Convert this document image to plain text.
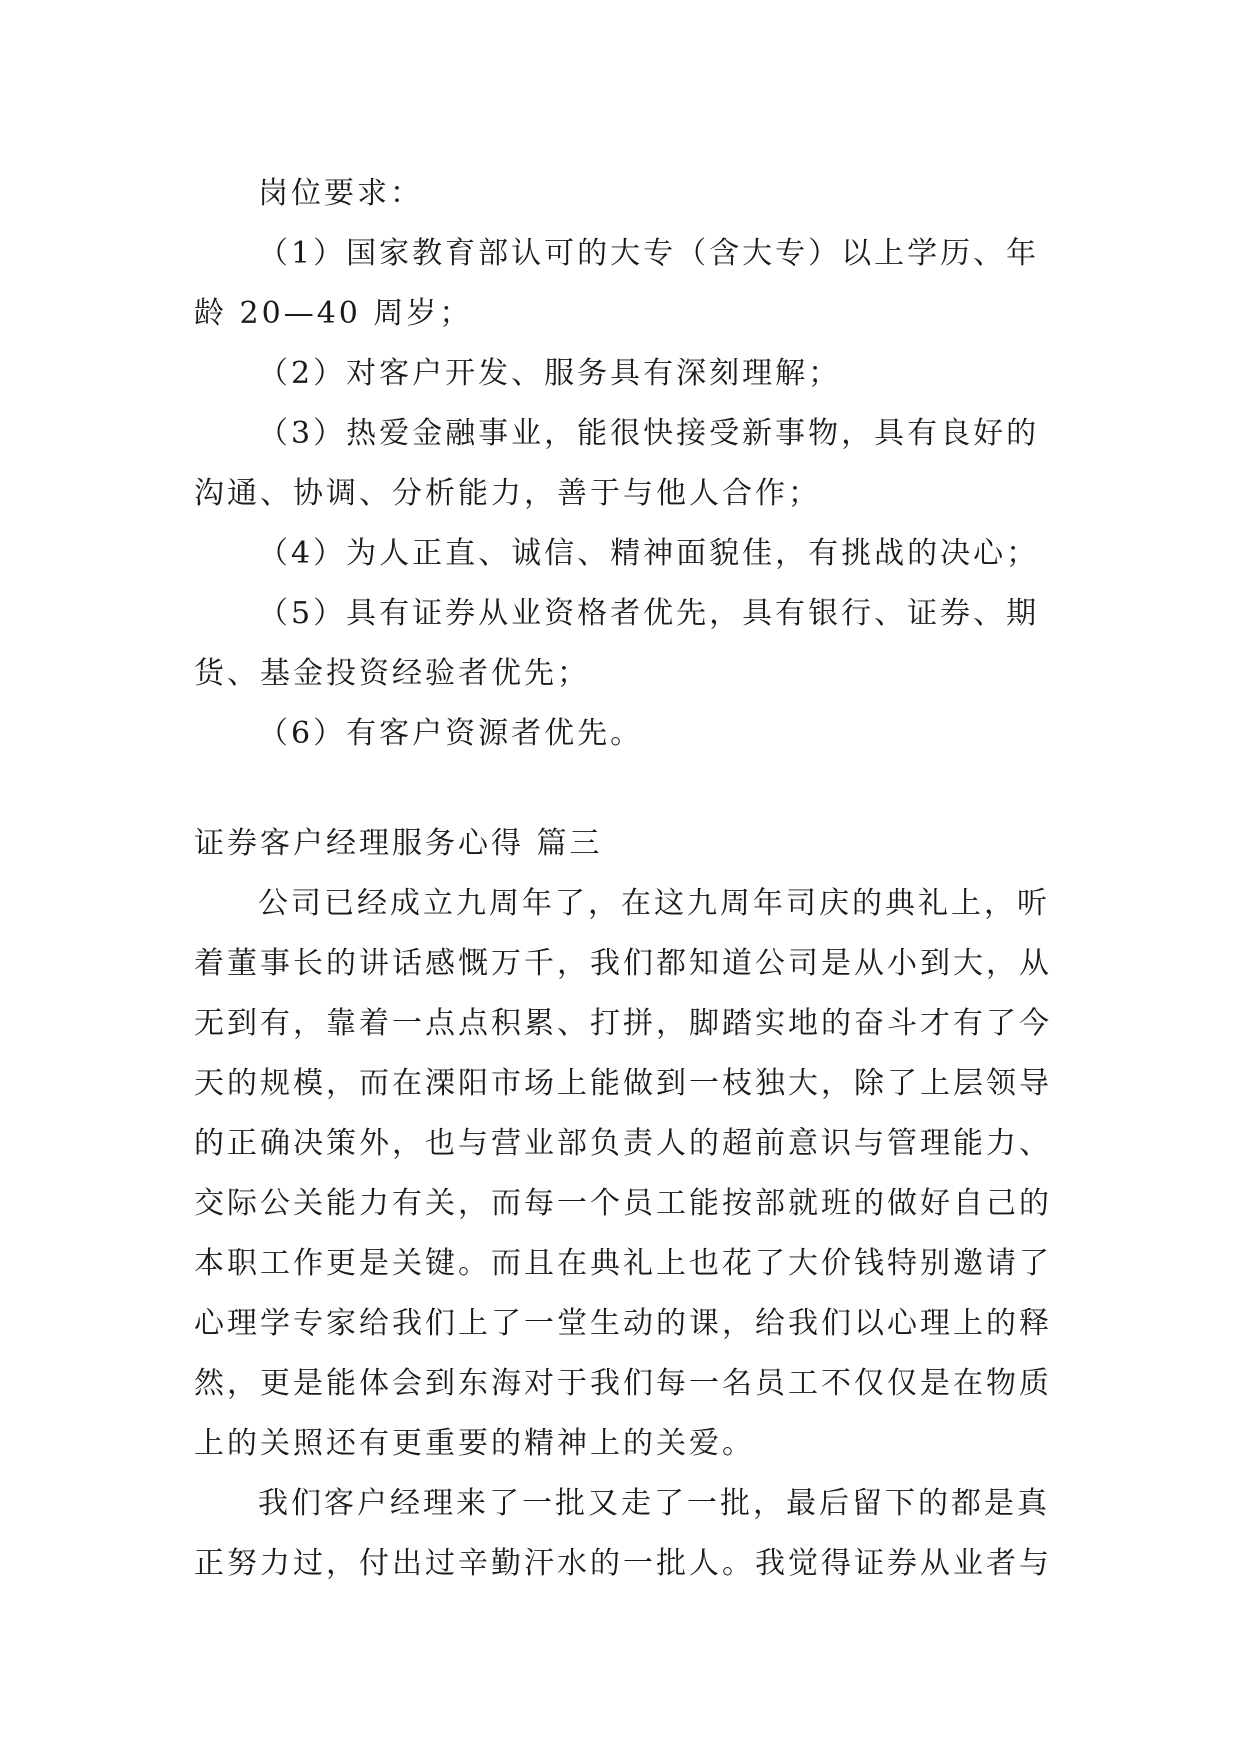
岗位要求：
（1）国家教育部认可的大专（含大专）以上学历、年
龄 20—40 周岁；
（2）对客户开发、服务具有深刻理解；
（3）热爱金融事业，能很快接受新事物，具有良好的
沟通、协调、分析能力，善于与他人合作；
（4）为人正直、诚信、精神面貌佳，有挑战的决心；
（5）具有证券从业资格者优先，具有银行、证券、期
货、基金投资经验者优先；
（6）有客户资源者优先。
证券客户经理服务心得 篇三
公司已经成立九周年了，在这九周年司庆的典礼上，听
着董事长的讲话感慨万千，我们都知道公司是从小到大，从
无到有，靠着一点点积累、打拼，脚踏实地的奋斗才有了今
天的规模，而在溧阳市场上能做到一枝独大，除了上层领导
的正确决策外，也与营业部负责人的超前意识与管理能力、
交际公关能力有关，而每一个员工能按部就班的做好自己的
本职工作更是关键。而且在典礼上也花了大价钱特别邀请了
心理学专家给我们上了一堂生动的课，给我们以心理上的释
然，更是能体会到东海对于我们每一名员工不仅仅是在物质
上的关照还有更重要的精神上的关爱。
我们客户经理来了一批又走了一批，最后留下的都是真
正努力过，付出过辛勤汗水的一批人。我觉得证券从业者与
